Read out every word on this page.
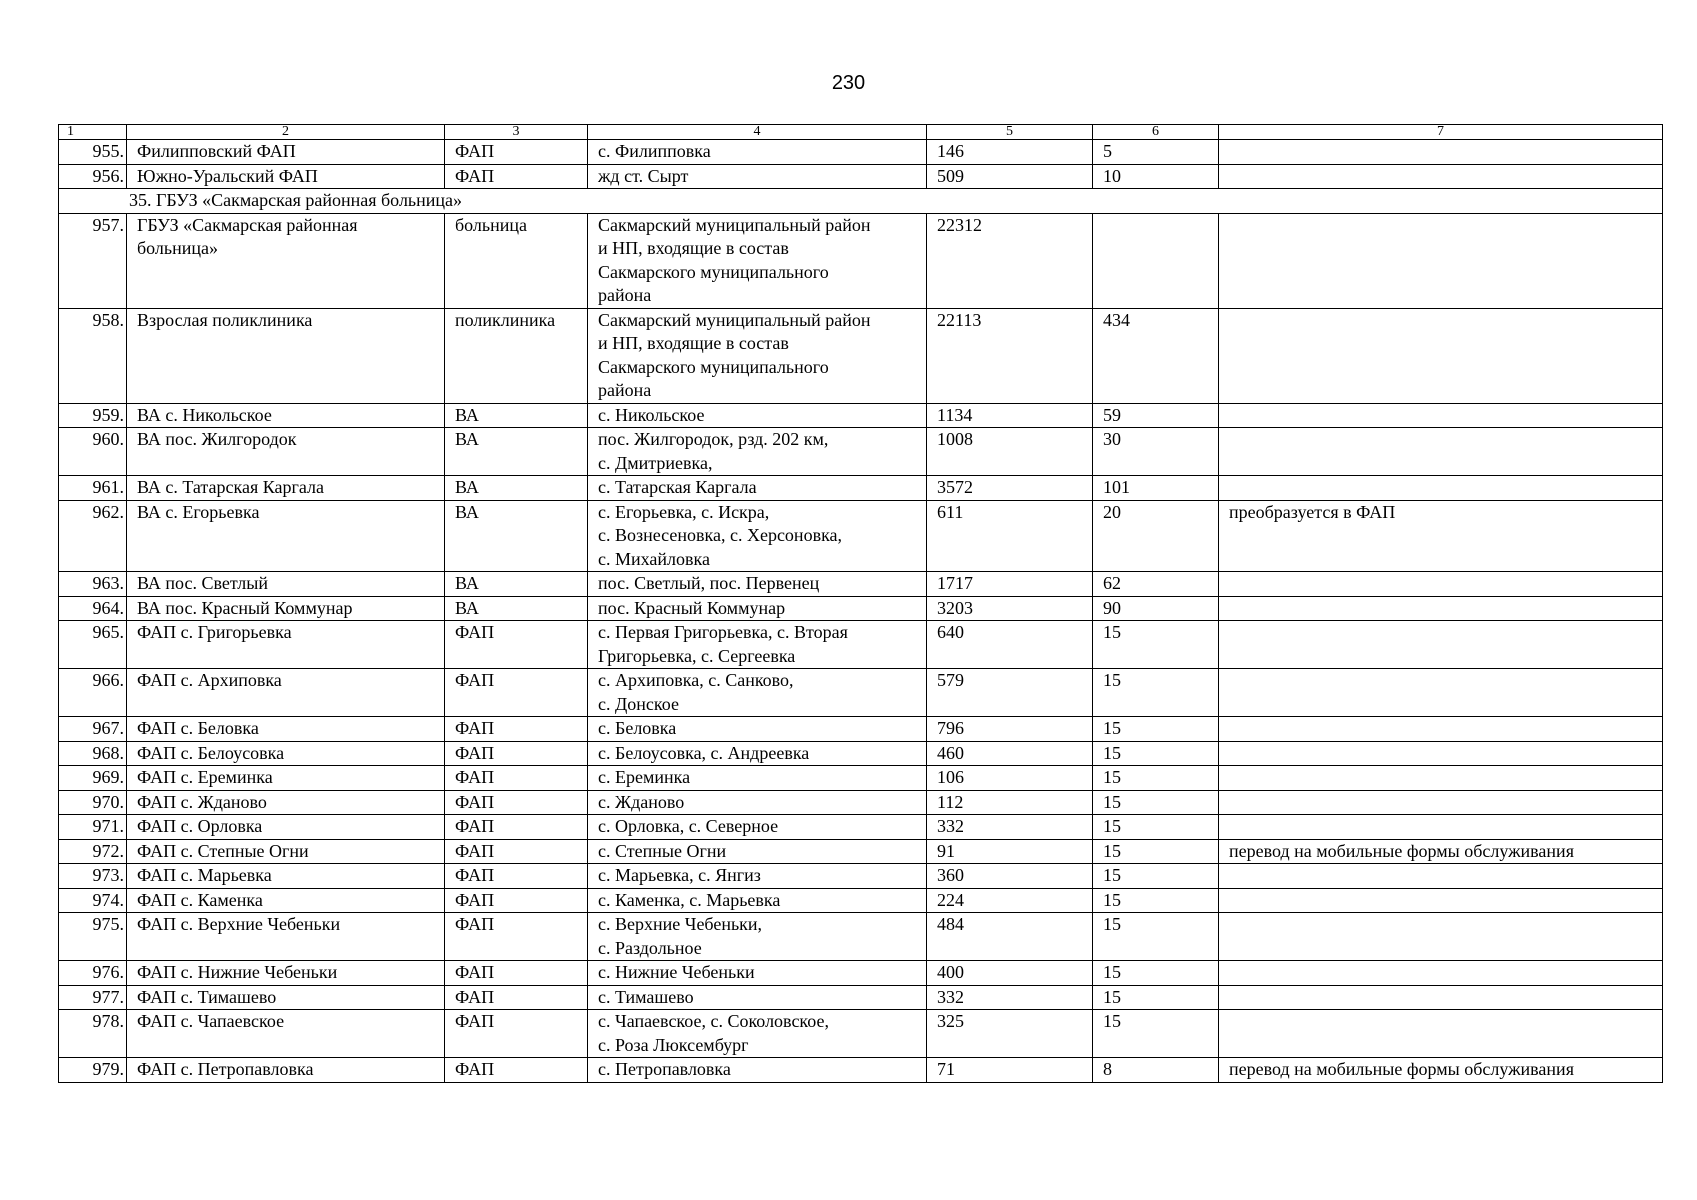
230
1	2	3	4	5	6	7
955.	Филипповский ФАП	ФАП	с. Филипповка	146	5	
956.	Южно-Уральский ФАП	ФАП	жд ст. Сырт	509	10	
35. ГБУЗ «Сакмарская районная больница»						
957.	ГБУЗ «Сакмарская районная
больница»	больница	Сакмарский муниципальный район
и НП, входящие в состав
Сакмарского муниципального
района	22312		
958.	Взрослая поликлиника	поликлиника	Сакмарский муниципальный район
и НП, входящие в состав
Сакмарского муниципального
района	22113	434	
959.	ВА с. Никольское	ВА	с. Никольское	1134	59	
960.	ВА пос. Жилгородок	ВА	пос. Жилгородок, рзд. 202 км,
с. Дмитриевка,	1008	30	
961.	ВА с. Татарская Каргала	ВА	с. Татарская Каргала	3572	101	
962.	ВА с. Егорьевка	ВА	с. Егорьевка, с. Искра,
с. Вознесеновка, с. Херсоновка,
с. Михайловка	611	20	преобразуется в ФАП
963.	ВА пос. Светлый	ВА	пос. Светлый, пос. Первенец	1717	62	
964.	ВА пос. Красный Коммунар	ВА	пос. Красный Коммунар	3203	90	
965.	ФАП с. Григорьевка	ФАП	с. Первая Григорьевка, с. Вторая
Григорьевка, с. Сергеевка	640	15	
966.	ФАП с. Архиповка	ФАП	с. Архиповка, с. Санково,
с. Донское	579	15	
967.	ФАП с. Беловка	ФАП	с. Беловка	796	15	
968.	ФАП с. Белоусовка	ФАП	с. Белоусовка, с. Андреевка	460	15	
969.	ФАП с. Ереминка	ФАП	с. Ереминка	106	15	
970.	ФАП с. Жданово	ФАП	с. Жданово	112	15	
971.	ФАП с. Орловка	ФАП	с. Орловка, с. Северное	332	15	
972.	ФАП с. Степные Огни	ФАП	с. Степные Огни	91	15	перевод на мобильные формы обслуживания
973.	ФАП с. Марьевка	ФАП	с. Марьевка, с. Янгиз	360	15	
974.	ФАП с. Каменка	ФАП	с. Каменка, с. Марьевка	224	15	
975.	ФАП с. Верхние Чебеньки	ФАП	с. Верхние Чебеньки,
с. Раздольное	484	15	
976.	ФАП с. Нижние Чебеньки	ФАП	с. Нижние Чебеньки	400	15	
977.	ФАП с. Тимашево	ФАП	с. Тимашево	332	15	
978.	ФАП с. Чапаевское	ФАП	с. Чапаевское, с. Соколовское,
с. Роза Люксембург	325	15	
979.	ФАП с. Петропавловка	ФАП	с. Петропавловка	71	8	перевод на мобильные формы обслуживания
